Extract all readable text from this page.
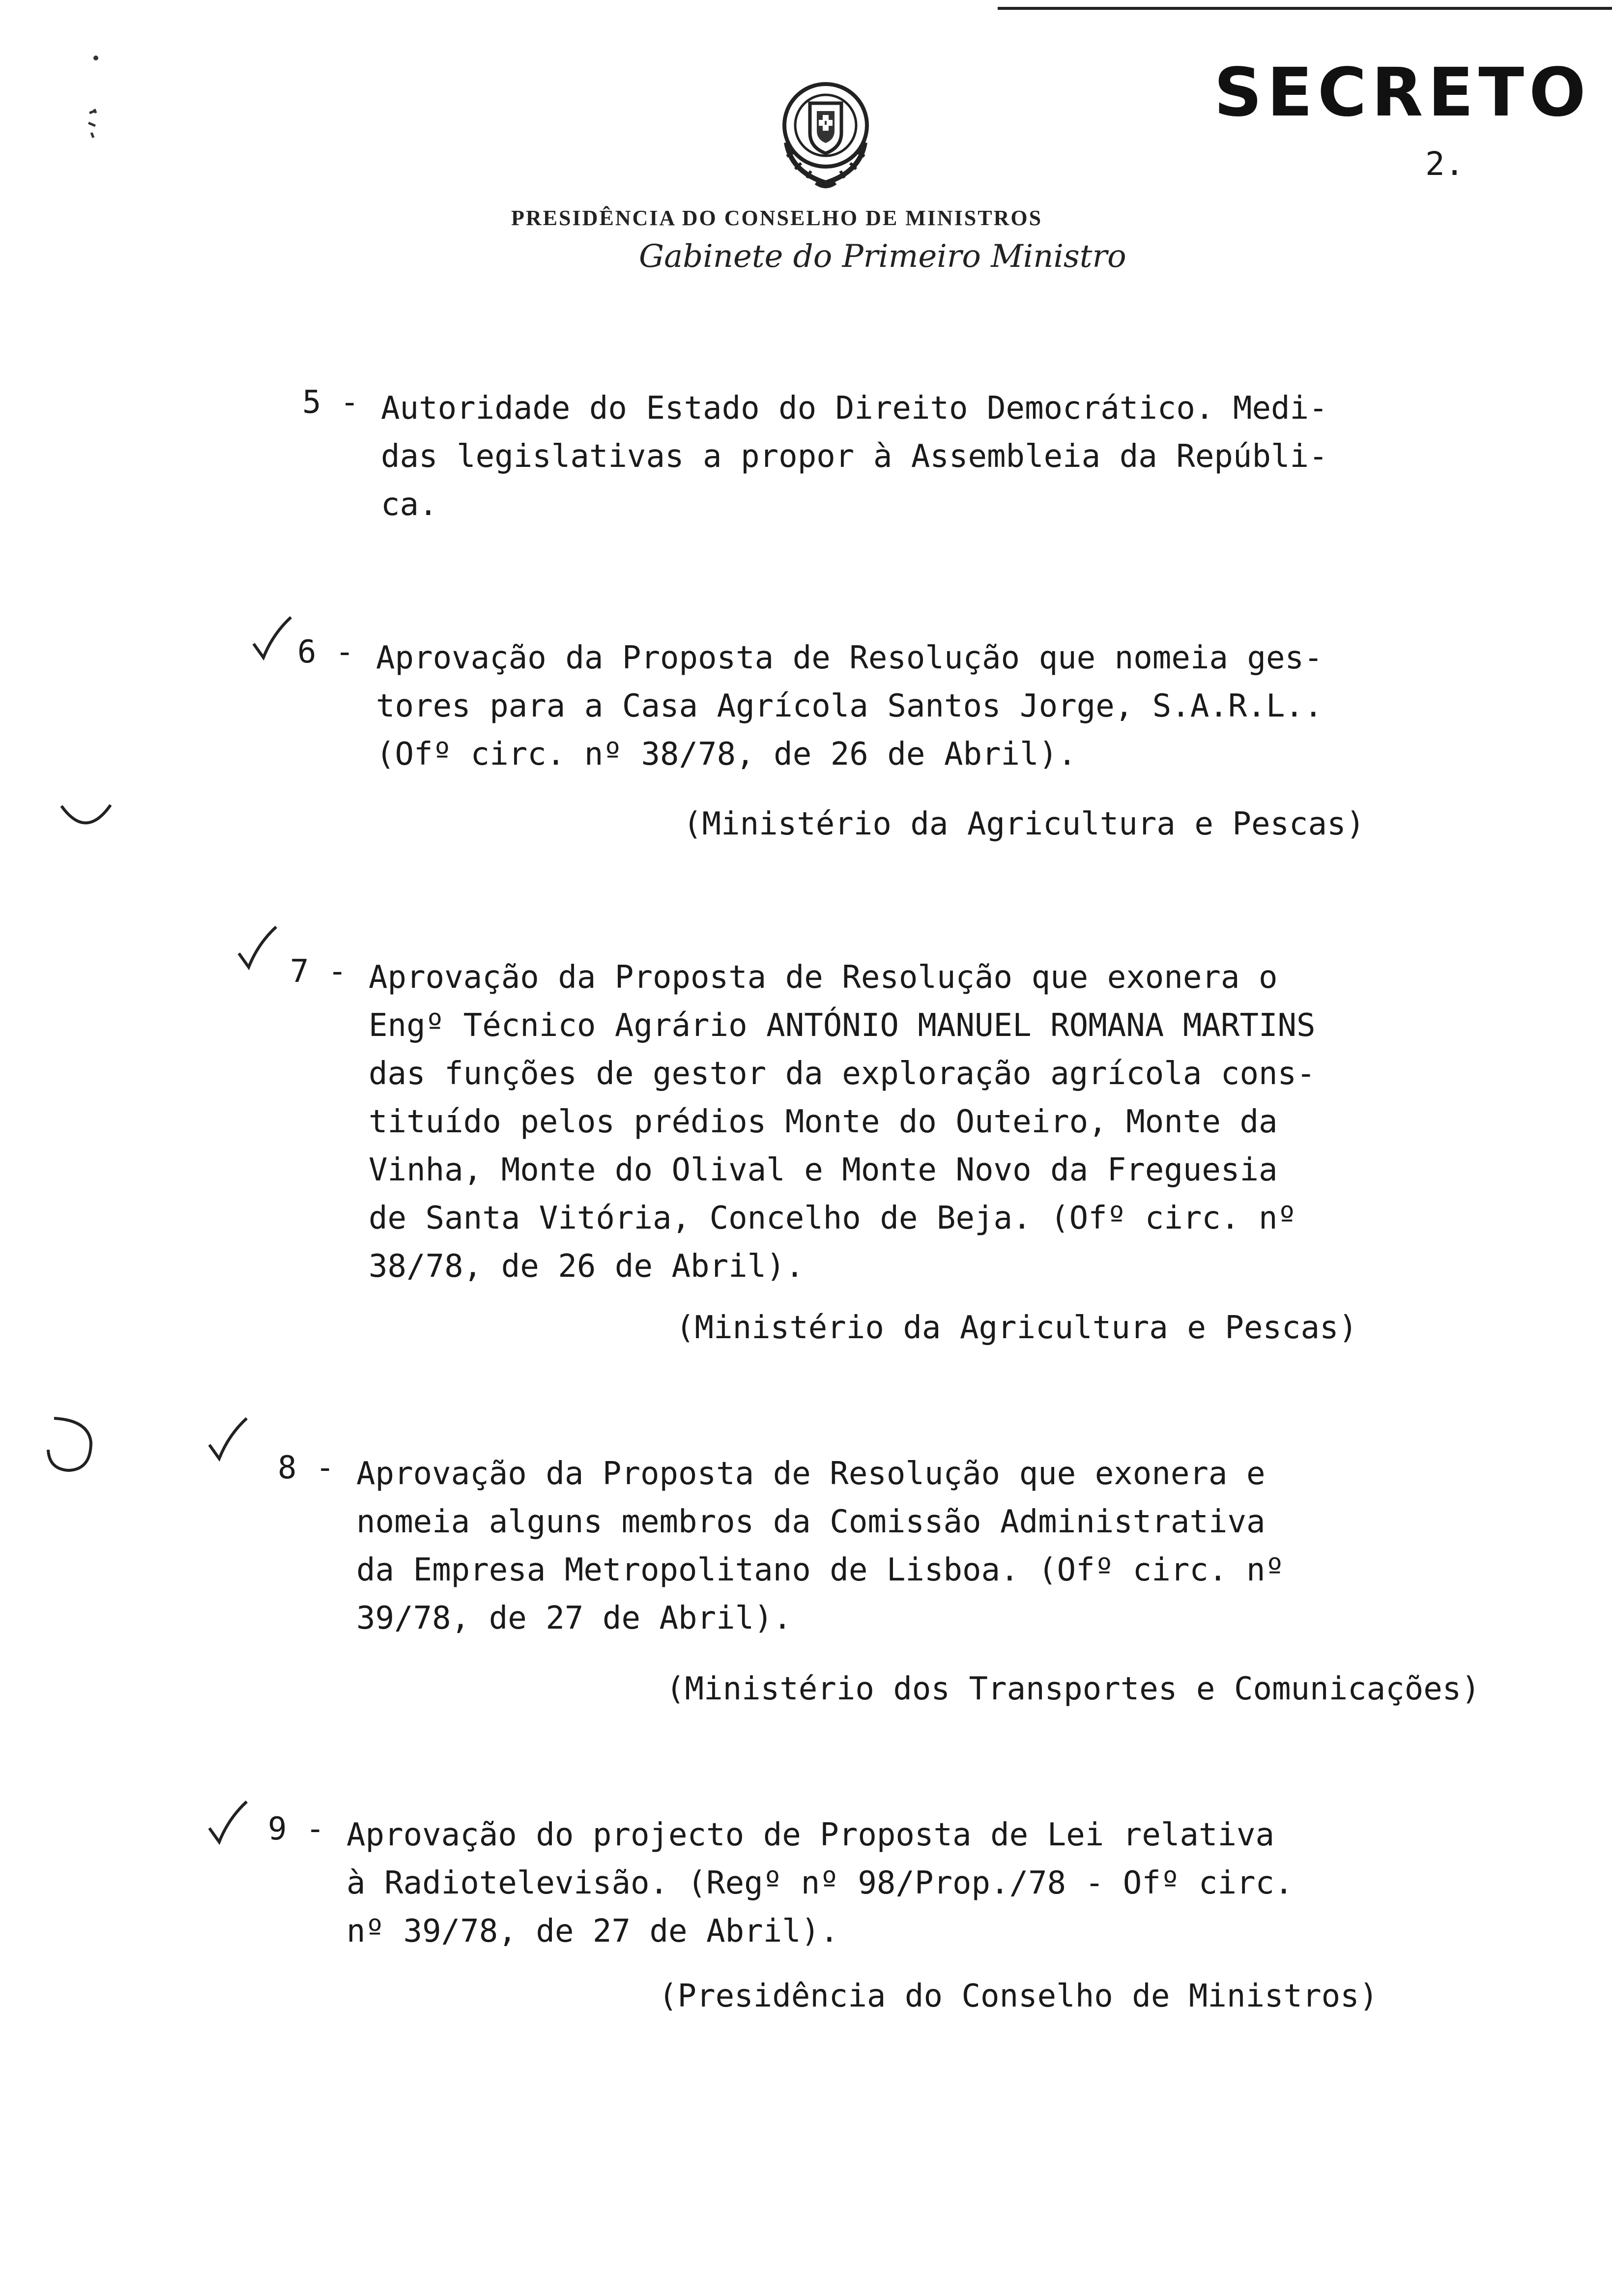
SECRETO
2.
PRESIDÊNCIA DO CONSELHO DE MINISTROS
Gabinete do Primeiro Ministro
5 - Autoridade do Estado do Direito Democrático. Medi-
das legislativas a propor à Assembleia da Repúbli-
ca.
6 - Aprovação da Proposta de Resolução que nomeia ges-
tores para a Casa Agrícola Santos Jorge, S.A.R.L..
(Ofº circ. nº 38/78, de 26 de Abril).
(Ministério da Agricultura e Pescas)
7 - Aprovação da Proposta de Resolução que exonera o
Engº Técnico Agrário ANTÓNIO MANUEL ROMANA MARTINS
das funções de gestor da exploração agrícola cons-
tituído pelos prédios Monte do Outeiro, Monte da
Vinha, Monte do Olival e Monte Novo da Freguesia
de Santa Vitória, Concelho de Beja. (Ofº circ. nº
38/78, de 26 de Abril).
(Ministério da Agricultura e Pescas)
8 - Aprovação da Proposta de Resolução que exonera e
nomeia alguns membros da Comissão Administrativa
da Empresa Metropolitano de Lisboa. (Ofº circ. nº
39/78, de 27 de Abril).
(Ministério dos Transportes e Comunicações)
9 - Aprovação do projecto de Proposta de Lei relativa
à Radiotelevisão. (Regº nº 98/Prop./78 - Ofº circ.
nº 39/78, de 27 de Abril).
(Presidência do Conselho de Ministros)
